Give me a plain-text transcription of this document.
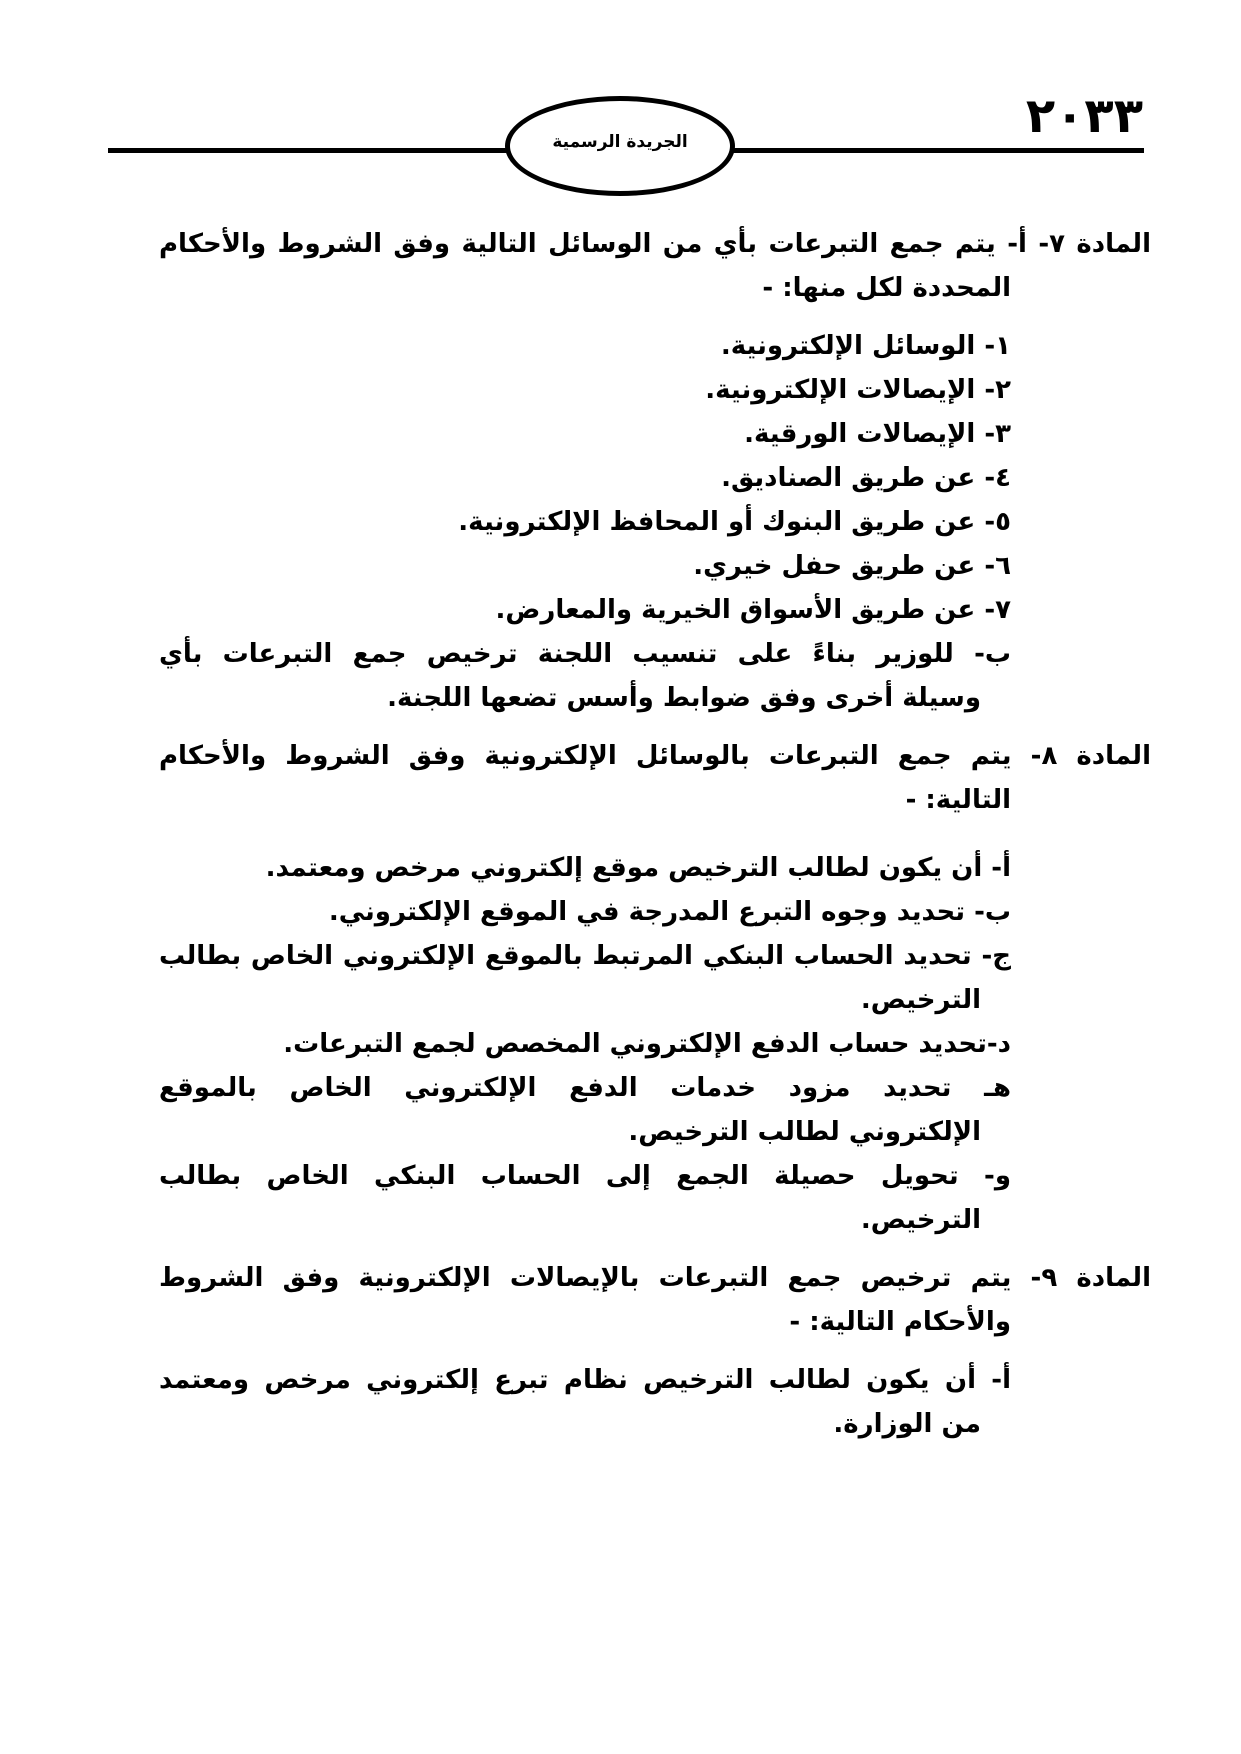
الجريدة الرسمية	٢٠٣٣
المادة ٧- أ- يتم جمع التبرعات بأي من الوسائل التالية وفق الشروط والأحكام
المحددة لكل منها: -
١- الوسائل الإلكترونية.
٢- الإيصالات الإلكترونية.
٣- الإيصالات الورقية.
٤- عن طريق الصناديق.
٥- عن طريق البنوك أو المحافظ الإلكترونية.
٦- عن طريق حفل خيري.
٧- عن طريق الأسواق الخيرية والمعارض.
ب- للوزير بناءً على تنسيب اللجنة ترخيص جمع التبرعات بأي
وسيلة أخرى وفق ضوابط وأسس تضعها اللجنة.
المادة ٨- يتم جمع التبرعات بالوسائل الإلكترونية وفق الشروط والأحكام
التالية: -
أ- أن يكون لطالب الترخيص موقع إلكتروني مرخص ومعتمد.
ب- تحديد وجوه التبرع المدرجة في الموقع الإلكتروني.
ج- تحديد الحساب البنكي المرتبط بالموقع الإلكتروني الخاص بطالب
الترخيص.
د-تحديد حساب الدفع الإلكتروني المخصص لجمع التبرعات.
هـ تحديد مزود خدمات الدفع الإلكتروني الخاص بالموقع
الإلكتروني لطالب الترخيص.
و- تحويل حصيلة الجمع إلى الحساب البنكي الخاص بطالب
الترخيص.
المادة ٩- يتم ترخيص جمع التبرعات بالإيصالات الإلكترونية وفق الشروط
والأحكام التالية: -
أ- أن يكون لطالب الترخيص نظام تبرع إلكتروني مرخص ومعتمد
من الوزارة.
